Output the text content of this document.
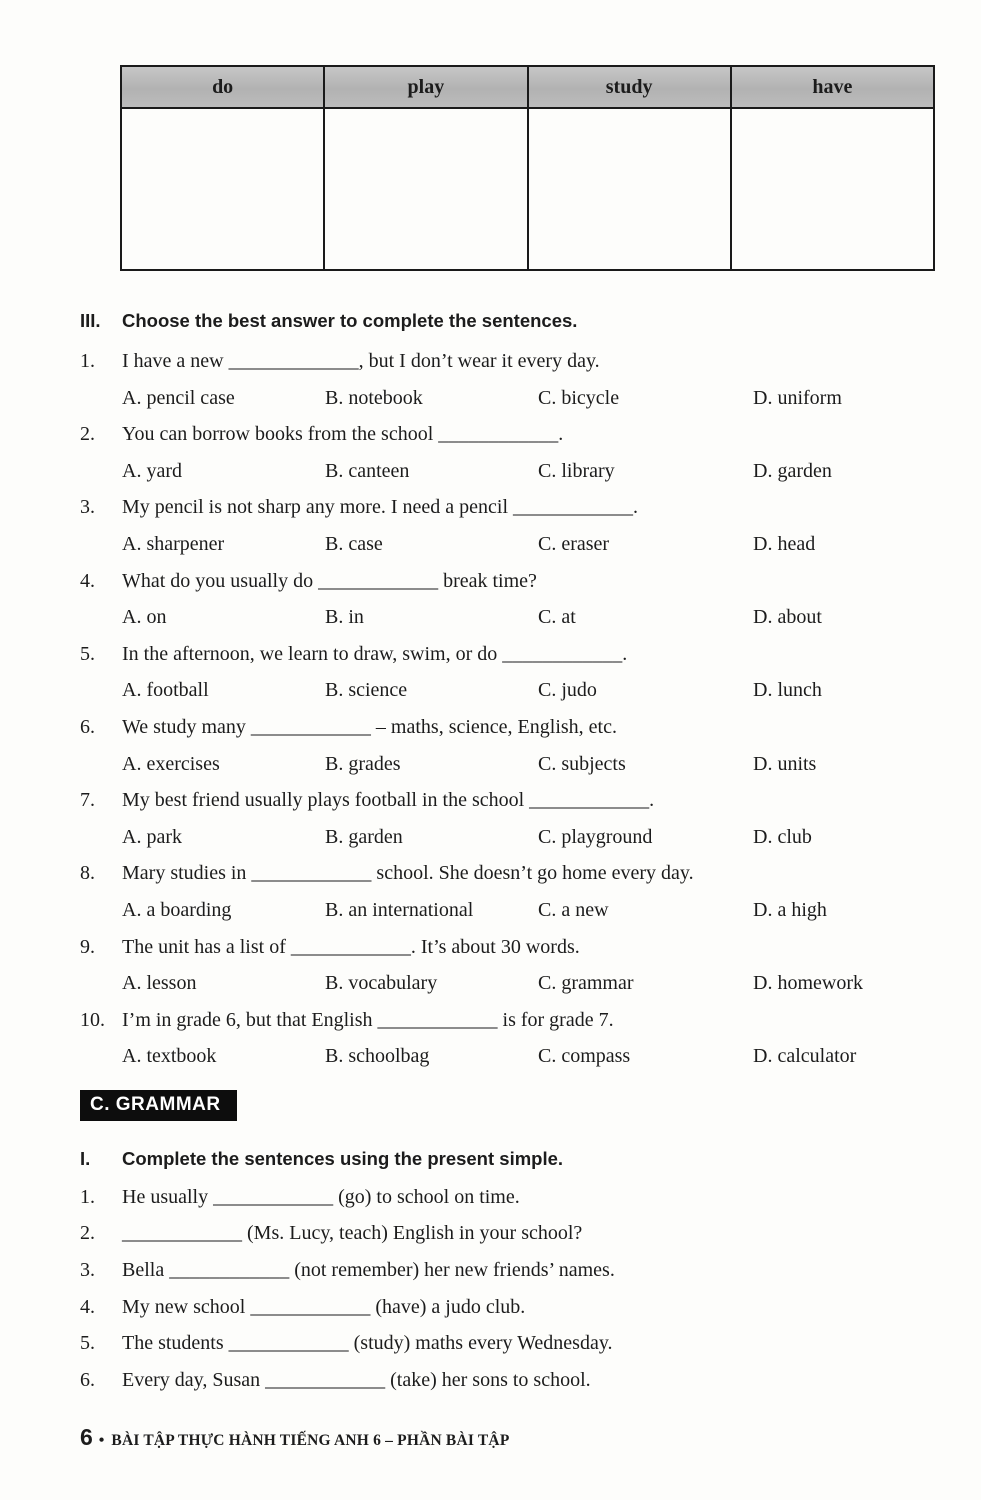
do	play	study	have

III.	Choose the best answer to complete the sentences.
1.	I have a new _____________, but I don’t wear it every day.
A. pencil case	B. notebook	C. bicycle	D. uniform
2.	You can borrow books from the school ____________.
A. yard	B. canteen	C. library	D. garden
3.	My pencil is not sharp any more. I need a pencil ____________.
A. sharpener	B. case	C. eraser	D. head
4.	What do you usually do ____________ break time?
A. on	B. in	C. at	D. about
5.	In the afternoon, we learn to draw, swim, or do ____________.
A. football	B. science	C. judo	D. lunch
6.	We study many ____________ – maths, science, English, etc.
A. exercises	B. grades	C. subjects	D. units
7.	My best friend usually plays football in the school ____________.
A. park	B. garden	C. playground	D. club
8.	Mary studies in ____________ school. She doesn’t go home every day.
A. a boarding	B. an international	C. a new	D. a high
9.	The unit has a list of ____________. It’s about 30 words.
A. lesson	B. vocabulary	C. grammar	D. homework
10. I’m in grade 6, but that English ____________ is for grade 7.
A. textbook	B. schoolbag	C. compass	D. calculator
C. GRAMMAR
I.	Complete the sentences using the present simple.
1.	He usually ____________ (go) to school on time.
2.	____________ (Ms. Lucy, teach) English in your school?
3.	Bella ____________ (not remember) her new friends’ names.
4.	My new school ____________ (have) a judo club.
5.	The students ____________ (study) maths every Wednesday.
6.	Every day, Susan ____________ (take) her sons to school.
6 • BÀI TẬP THỰC HÀNH TIẾNG ANH 6 – PHẦN BÀI TẬP
